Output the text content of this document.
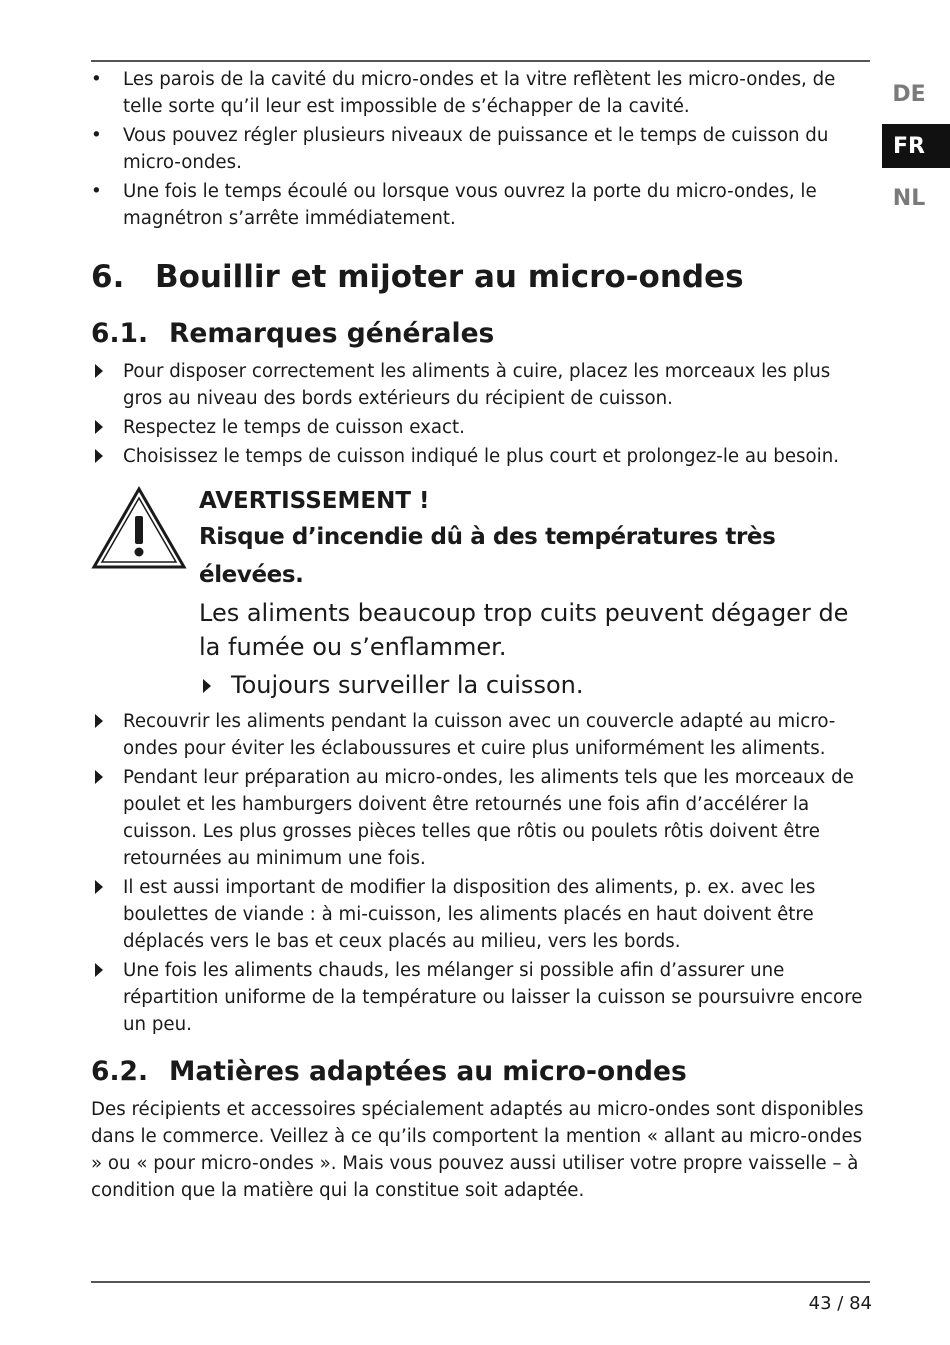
DE
FR
NL
• Les parois de la cavité du micro-ondes et la vitre reflètent les micro-ondes, de telle sorte qu’il leur est impossible de s’échapper de la cavité.
• Vous pouvez régler plusieurs niveaux de puissance et le temps de cuisson du micro-ondes.
• Une fois le temps écoulé ou lorsque vous ouvrez la porte du micro-ondes, le magnétron s’arrête immédiatement.
6. Bouillir et mijoter au micro-ondes
6.1. Remarques générales
Pour disposer correctement les aliments à cuire, placez les morceaux les plus gros au niveau des bords extérieurs du récipient de cuisson.
Respectez le temps de cuisson exact.
Choisissez le temps de cuisson indiqué le plus court et prolongez-le au besoin.
AVERTISSEMENT !
Risque d’incendie dû à des températures très élevées.
Les aliments beaucoup trop cuits peuvent dégager de la fumée ou s’enflammer.
Toujours surveiller la cuisson.
Recouvrir les aliments pendant la cuisson avec un couvercle adapté au micro-ondes pour éviter les éclaboussures et cuire plus uniformément les aliments.
Pendant leur préparation au micro-ondes, les aliments tels que les morceaux de poulet et les hamburgers doivent être retournés une fois afin d’accélérer la cuisson. Les plus grosses pièces telles que rôtis ou poulets rôtis doivent être retournées au minimum une fois.
Il est aussi important de modifier la disposition des aliments, p. ex. avec les boulettes de viande : à mi-cuisson, les aliments placés en haut doivent être déplacés vers le bas et ceux placés au milieu, vers les bords.
Une fois les aliments chauds, les mélanger si possible afin d’assurer une répartition uniforme de la température ou laisser la cuisson se poursuivre encore un peu.
6.2. Matières adaptées au micro-ondes

Des récipients et accessoires spécialement adaptés au micro-ondes sont disponibles dans le commerce. Veillez à ce qu’ils comportent la mention « allant au micro-ondes » ou « pour micro-ondes ». Mais vous pouvez aussi utiliser votre propre vaisselle – à condition que la matière qui la constitue soit adaptée.

43 / 84
